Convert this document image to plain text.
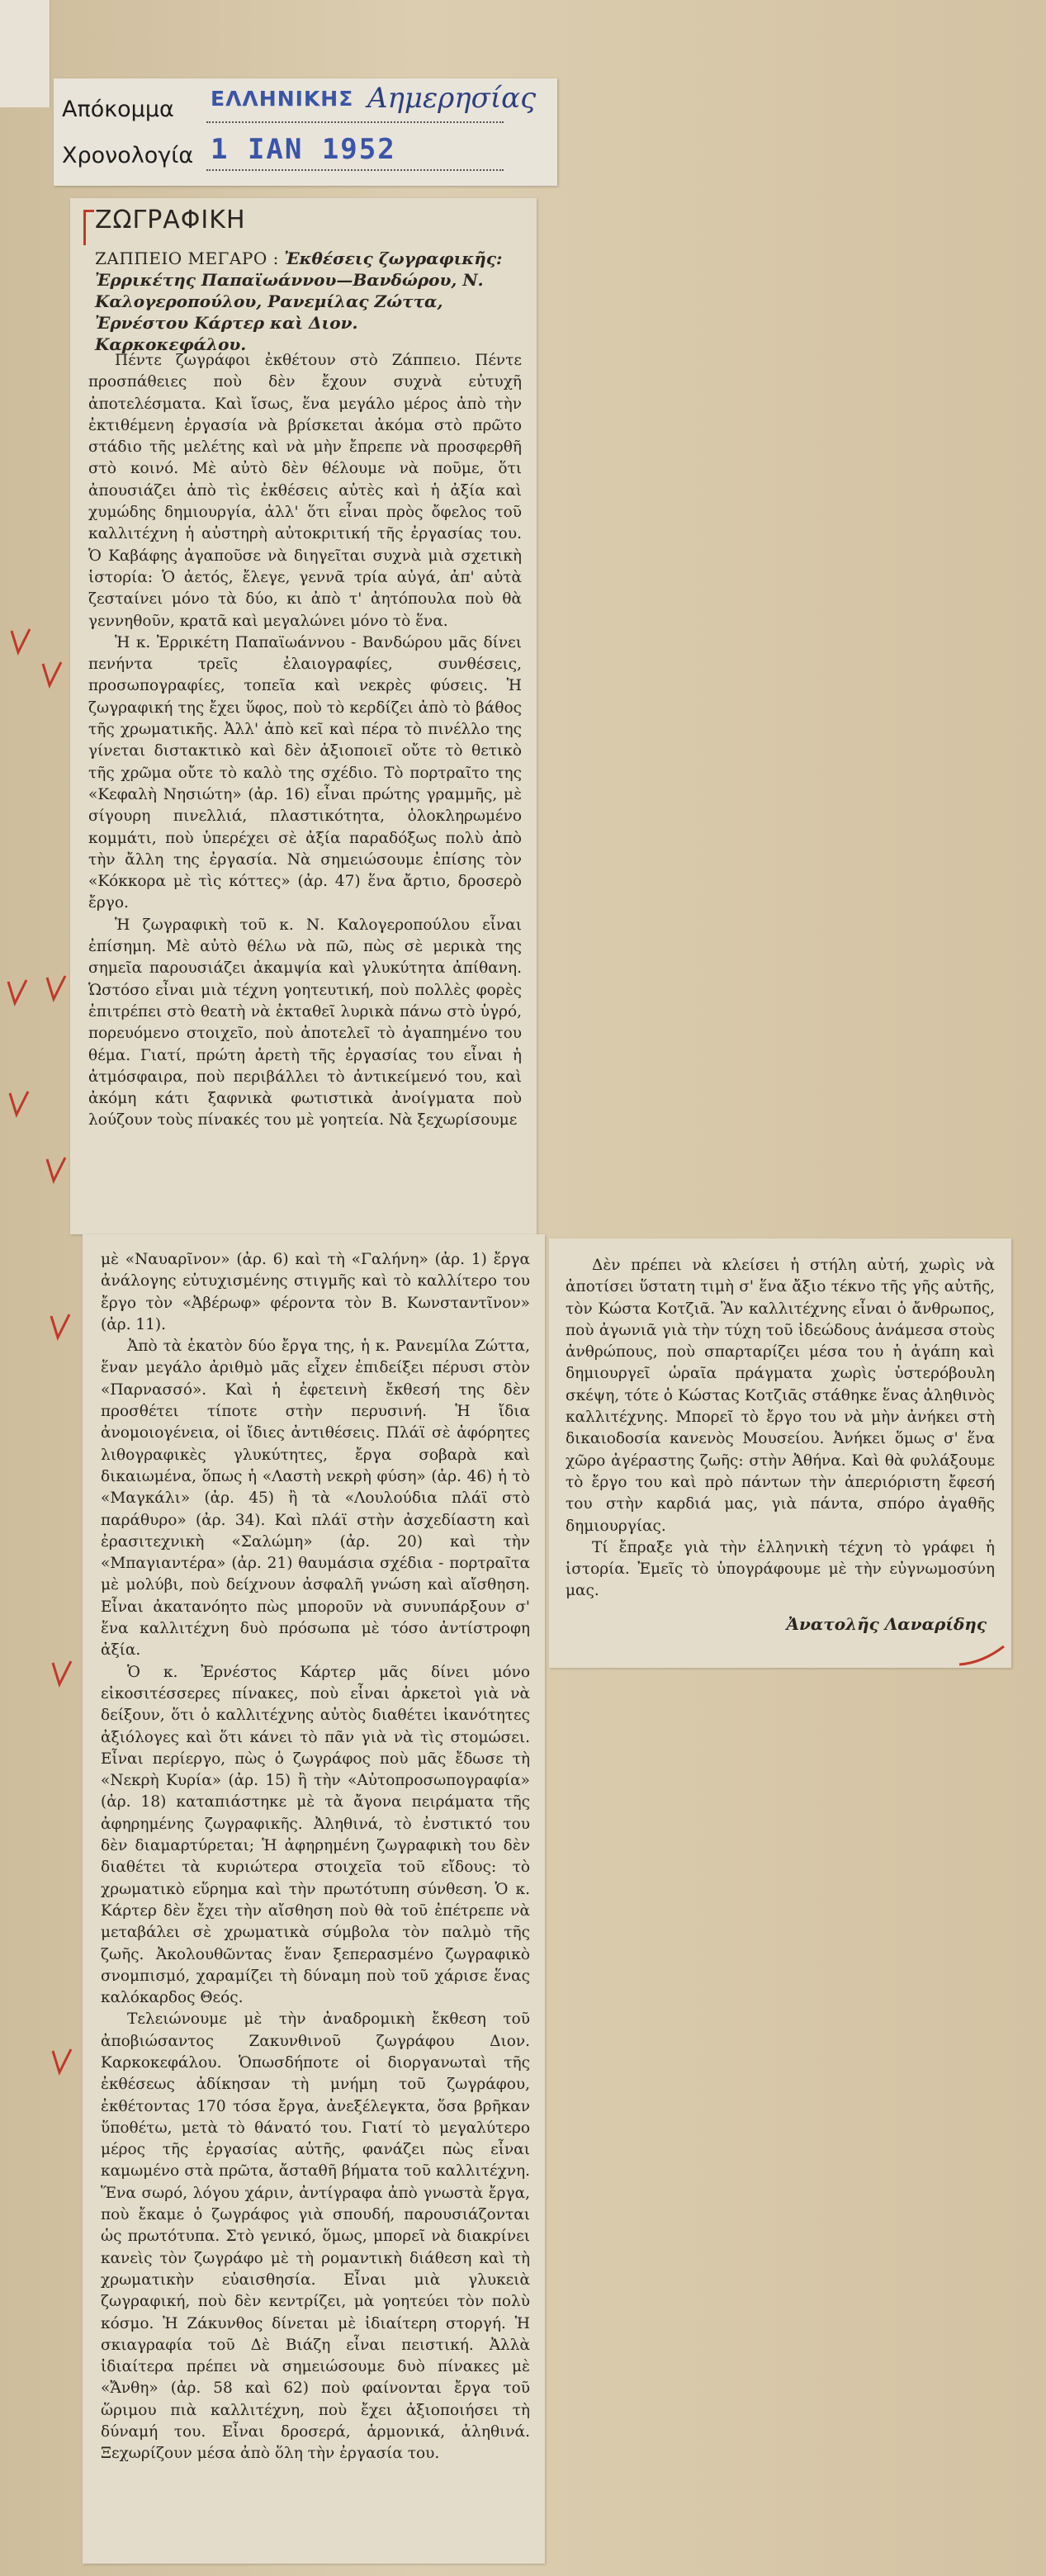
Απόκομμα ΕΛΛΗΝΙΚΗΣ Αημερησίας
Χρονολογία 1 ΙΑΝ 1952
ΖΩΓΡΑΦΙΚΗ
ΖΑΠΠΕΙΟ ΜΕΓΑΡΟ : Ἐκθέσεις ζωγραφικῆς: Ἐρρικέτης Παπαϊωάννου—Βανδώρου, Ν. Καλογεροπούλου, Ρανεμίλας Ζώττα, Ἐρνέστου Κάρτερ καὶ Διον. Καρκοκεφάλου.

Πέντε ζωγράφοι ἐκθέτουν στὸ Ζάππειο. Πέντε προσπάθειες ποὺ δὲν ἔχουν συχνὰ εὐτυχῆ ἀποτελέσματα. Καὶ ἴσως, ἕνα μεγάλο μέρος ἀπὸ τὴν ἐκτιθέμενη ἐργασία νὰ βρίσκεται ἀκόμα στὸ πρῶτο στάδιο τῆς μελέτης καὶ νὰ μὴν ἔπρεπε νὰ προσφερθῆ στὸ κοινό. Μὲ αὐτὸ δὲν θέλουμε νὰ ποῦμε, ὅτι ἀπουσιάζει ἀπὸ τὶς ἐκθέσεις αὐτὲς καὶ ἡ ἀξία καὶ χυμώδης δημιουργία, ἀλλ' ὅτι εἶναι πρὸς ὄφελος τοῦ καλλιτέχνη ἡ αὐστηρὴ αὐτοκριτική τῆς ἐργασίας του. Ὁ Καβάφης ἀγαποῦσε νὰ διηγεῖται συχνὰ μιὰ σχετικὴ ἱστορία: Ὁ ἀετός, ἔλεγε, γεννᾶ τρία αὐγά, ἀπ' αὐτὰ ζεσταίνει μόνο τὰ δύο, κι ἀπὸ τ' ἀητόπουλα ποὺ θὰ γεννηθοῦν, κρατᾶ καὶ μεγαλώνει μόνο τὸ ἕνα.

Ἡ κ. Ἐρρικέτη Παπαϊωάννου - Βανδώρου μᾶς δίνει πενήντα τρεῖς ἐλαιογραφίες, συνθέσεις, προσωπογραφίες, τοπεῖα καὶ νεκρὲς φύσεις. Ἡ ζωγραφική της ἔχει ὕφος, ποὺ τὸ κερδίζει ἀπὸ τὸ βάθος τῆς χρωματικῆς. Ἀλλ' ἀπὸ κεῖ καὶ πέρα τὸ πινέλλο της γίνεται διστακτικὸ καὶ δὲν ἀξιοποιεῖ οὔτε τὸ θετικὸ τῆς χρῶμα οὔτε τὸ καλὸ της σχέδιο. Τὸ πορτραῖτο της «Κεφαλὴ Νησιώτη» (ἀρ. 16) εἶναι πρώτης γραμμῆς, μὲ σίγουρη πινελλιά, πλαστικότητα, ὁλοκληρωμένο κομμάτι, ποὺ ὑπερέχει σὲ ἀξία παραδόξως πολὺ ἀπὸ τὴν ἄλλη της ἐργασία. Νὰ σημειώσουμε ἐπίσης τὸν «Κόκκορα μὲ τὶς κόττες» (ἀρ. 47) ἕνα ἄρτιο, δροσερὸ ἔργο.

Ἡ ζωγραφικὴ τοῦ κ. Ν. Καλογεροπούλου εἶναι ἐπίσημη. Μὲ αὐτὸ θέλω νὰ πῶ, πὼς σὲ μερικὰ της σημεῖα παρουσιάζει ἀκαμψία καὶ γλυκύτητα ἀπίθανη. Ὡστόσο εἶναι μιὰ τέχνη γοητευτική, ποὺ πολλὲς φορὲς ἐπιτρέπει στὸ θεατὴ νὰ ἐκταθεῖ λυρικὰ πάνω στὸ ὑγρό, πορευόμενο στοιχεῖο, ποὺ ἀποτελεῖ τὸ ἀγαπημένο του θέμα. Γιατί, πρώτη ἀρετὴ τῆς ἐργασίας του εἶναι ἡ ἀτμόσφαιρα, ποὺ περιβάλλει τὸ ἀντικείμενό του, καὶ ἀκόμη κάτι ξαφνικὰ φωτιστικὰ ἀνοίγματα ποὺ λούζουν τοὺς πίνακές του μὲ γοητεία. Νὰ ξεχωρίσουμε

μὲ «Ναυαρῖνον» (ἀρ. 6) καὶ τὴ «Γαλήνη» (ἀρ. 1) ἔργα ἀνάλογης εὐτυχισμένης στιγμῆς καὶ τὸ καλλίτερο του ἔργο τὸν «Ἀβέρωφ» φέροντα τὸν Β. Κωνσταντῖνον» (ἀρ. 11).

Ἀπὸ τὰ ἑκατὸν δύο ἔργα της, ἡ κ. Ρανεμίλα Ζώττα, ἕναν μεγάλο ἀριθμὸ μᾶς εἶχεν ἐπιδείξει πέρυσι στὸν «Παρνασσό». Καὶ ἡ ἐφετεινὴ ἔκθεσή της δὲν προσθέτει τίποτε στὴν περυσινή. Ἡ ἴδια ἀνομοιογένεια, οἱ ἴδιες ἀντιθέσεις. Πλάϊ σὲ ἀφόρητες λιθογραφικὲς γλυκύτητες, ἔργα σοβαρὰ καὶ δικαιωμένα, ὅπως ἡ «Λαστὴ νεκρὴ φύση» (ἀρ. 46) ἡ τὸ «Μαγκάλι» (ἀρ. 45) ἢ τὰ «Λουλούδια πλάϊ στὸ παράθυρο» (ἀρ. 34). Καὶ πλάϊ στὴν ἀσχεδίαστη καὶ ἐρασιτεχνικὴ «Σαλώμη» (ἀρ. 20) καὶ τὴν «Μπαγιαντέρα» (ἀρ. 21) θαυμάσια σχέδια - πορτραῖτα μὲ μολύβι, ποὺ δείχνουν ἀσφαλῆ γνώση καὶ αἴσθηση. Εἶναι ἀκατανόητο πὼς μποροῦν νὰ συνυπάρξουν σ' ἕνα καλλιτέχνη δυὸ πρόσωπα μὲ τόσο ἀντίστροφη ἀξία.

Ὁ κ. Ἐρνέστος Κάρτερ μᾶς δίνει μόνο εἰκοσιτέσσερες πίνακες, ποὺ εἶναι ἀρκετοὶ γιὰ νὰ δείξουν, ὅτι ὁ καλλιτέχνης αὐτὸς διαθέτει ἱκανότητες ἀξιόλογες καὶ ὅτι κάνει τὸ πᾶν γιὰ νὰ τὶς στομώσει. Εἶναι περίεργο, πὼς ὁ ζωγράφος ποὺ μᾶς ἔδωσε τὴ «Νεκρὴ Κυρία» (ἀρ. 15) ἢ τὴν «Αὐτοπροσωπογραφία» (ἀρ. 18) καταπιάστηκε μὲ τὰ ἄγονα πειράματα τῆς ἀφηρημένης ζωγραφικῆς. Ἀληθινά, τὸ ἐνστικτό του δὲν διαμαρτύρεται; Ἡ ἀφηρημένη ζωγραφικὴ του δὲν διαθέτει τὰ κυριώτερα στοιχεῖα τοῦ εἴδους: τὸ χρωματικὸ εὕρημα καὶ τὴν πρωτότυπη σύνθεση. Ὁ κ. Κάρτερ δὲν ἔχει τὴν αἴσθηση ποὺ θὰ τοῦ ἐπέτρεπε νὰ μεταβάλει σὲ χρωματικὰ σύμβολα τὸν παλμὸ τῆς ζωῆς. Ἀκολουθῶντας ἕναν ξεπερασμένο ζωγραφικὸ σνομπισμό, χαραμίζει τὴ δύναμη ποὺ τοῦ χάρισε ἕνας καλόκαρδος Θεός.

Τελειώνουμε μὲ τὴν ἀναδρομικὴ ἔκθεση τοῦ ἀποβιώσαντος Ζακυνθινοῦ ζωγράφου Διον. Καρκοκεφάλου. Ὁπωσδήποτε οἱ διοργανωταὶ τῆς ἐκθέσεως ἀδίκησαν τὴ μνήμη τοῦ ζωγράφου, ἐκθέτοντας 170 τόσα ἔργα, ἀνεξέλεγκτα, ὅσα βρῆκαν ὕποθέτω, μετὰ τὸ θάνατό του. Γιατί τὸ μεγαλύτερο μέρος τῆς ἐργασίας αὐτῆς, φανάζει πὼς εἶναι καμωμένο στὰ πρῶτα, ἄσταθῆ βήματα τοῦ καλλιτέχνη. Ἕνα σωρό, λόγου χάριν, ἀντίγραφα ἀπὸ γνωστὰ ἔργα, ποὺ ἔκαμε ὁ ζωγράφος γιὰ σπουδή, παρουσιάζονται ὡς πρωτότυπα. Στὸ γενικό, ὅμως, μπορεῖ νὰ διακρίνει κανεὶς τὸν ζωγράφο μὲ τὴ ρομαντικὴ διάθεση καὶ τὴ χρωματικὴν εὐαισθησία. Εἶναι μιὰ γλυκειὰ ζωγραφική, ποὺ δὲν κεντρίζει, μὰ γοητεύει τὸν πολὺ κόσμο. Ἡ Ζάκυνθος δίνεται μὲ ἰδιαίτερη στοργή. Ἡ σκιαγραφία τοῦ Δὲ Βιάζη εἶναι πειστική. Ἀλλὰ ἰδιαίτερα πρέπει νὰ σημειώσουμε δυὸ πίνακες μὲ «Ἄνθη» (ἀρ. 58 καὶ 62) ποὺ φαίνονται ἔργα τοῦ ὥριμου πιὰ καλλιτέχνη, ποὺ ἔχει ἀξιοποιήσει τὴ δύναμή του. Εἶναι δροσερά, ἁρμονικά, ἀληθινά. Ξεχωρίζουν μέσα ἀπὸ ὅλη τὴν ἐργασία του.

Δὲν πρέπει νὰ κλείσει ἡ στήλη αὐτή, χωρὶς νὰ ἀποτίσει ὕστατη τιμὴ σ' ἕνα ἄξιο τέκνο τῆς γῆς αὐτῆς, τὸν Κώστα Κοτζιᾶ. Ἂν καλλιτέχνης εἶναι ὁ ἄνθρωπος, ποὺ ἀγωνιᾶ γιὰ τὴν τύχη τοῦ ἰδεώδους ἀνάμεσα στοὺς ἀνθρώπους, ποὺ σπαρταρίζει μέσα του ἡ ἀγάπη καὶ δημιουργεῖ ὡραῖα πράγματα χωρὶς ὑστερόβουλη σκέψη, τότε ὁ Κώστας Κοτζιᾶς στάθηκε ἕνας ἀληθινὸς καλλιτέχνης. Μπορεῖ τὸ ἔργο του νὰ μὴν ἀνήκει στὴ δικαιοδοσία κανενὸς Μουσείου. Ἀνήκει ὅμως σ' ἕνα χῶρο ἀγέραστης ζωῆς: στὴν Ἀθήνα. Καὶ θὰ φυλάξουμε τὸ ἔργο του καὶ πρὸ πάντων τὴν ἀπεριόριστη ἔφεσή του στὴν καρδιά μας, γιὰ πάντα, σπόρο ἀγαθῆς δημιουργίας.

Τί ἔπραξε γιὰ τὴν ἑλληνικὴ τέχνη τὸ γράφει ἡ ἱστορία. Ἐμεῖς τὸ ὑπογράφουμε μὲ τὴν εὐγνωμοσύνη μας.

Ἀνατολῆς Λαναρίδης
